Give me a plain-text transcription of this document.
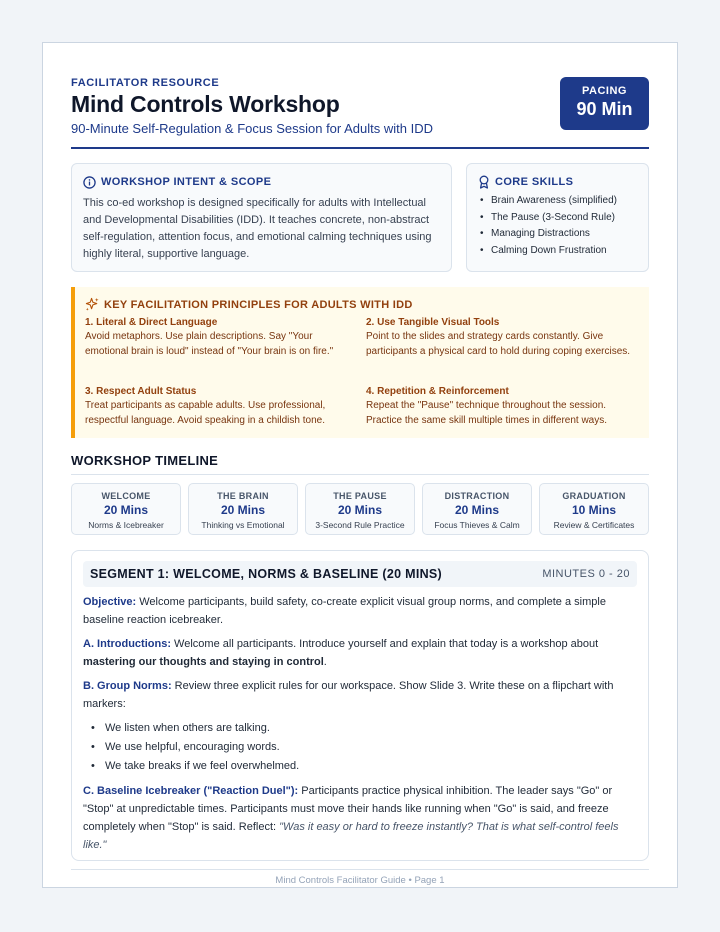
FACILITATOR RESOURCE
Mind Controls Workshop
90-Minute Self-Regulation & Focus Session for Adults with IDD
PACING
90 Min
WORKSHOP INTENT & SCOPE
This co-ed workshop is designed specifically for adults with Intellectual and Developmental Disabilities (IDD). It teaches concrete, non-abstract self-regulation, attention focus, and emotional calming techniques using highly literal, supportive language.
CORE SKILLS
• Brain Awareness (simplified)
• The Pause (3-Second Rule)
• Managing Distractions
• Calming Down Frustration
KEY FACILITATION PRINCIPLES FOR ADULTS WITH IDD
1. Literal & Direct Language
Avoid metaphors. Use plain descriptions. Say "Your emotional brain is loud" instead of "Your brain is on fire."
2. Use Tangible Visual Tools
Point to the slides and strategy cards constantly. Give participants a physical card to hold during coping exercises.
3. Respect Adult Status
Treat participants as capable adults. Use professional, respectful language. Avoid speaking in a childish tone.
4. Repetition & Reinforcement
Repeat the "Pause" technique throughout the session. Practice the same skill multiple times in different ways.
WORKSHOP TIMELINE
WELCOME
20 Mins
Norms & Icebreaker
THE BRAIN
20 Mins
Thinking vs Emotional
THE PAUSE
20 Mins
3-Second Rule Practice
DISTRACTION
20 Mins
Focus Thieves & Calm
GRADUATION
10 Mins
Review & Certificates
SEGMENT 1: WELCOME, NORMS & BASELINE (20 MINS)	MINUTES 0 - 20

Objective: Welcome participants, build safety, co-create explicit visual group norms, and complete a simple baseline reaction icebreaker.

A. Introductions: Welcome all participants. Introduce yourself and explain that today is a workshop about mastering our thoughts and staying in control.

B. Group Norms: Review three explicit rules for our workspace. Show Slide 3. Write these on a flipchart with markers:

• We listen when others are talking.
• We use helpful, encouraging words.
• We take breaks if we feel overwhelmed.

C. Baseline Icebreaker ("Reaction Duel"): Participants practice physical inhibition. The leader says "Go" or "Stop" at unpredictable times. Participants must move their hands like running when "Go" is said, and freeze completely when "Stop" is said. Reflect: "Was it easy or hard to freeze instantly? That is what self-control feels like."

Mind Controls Facilitator Guide • Page 1
